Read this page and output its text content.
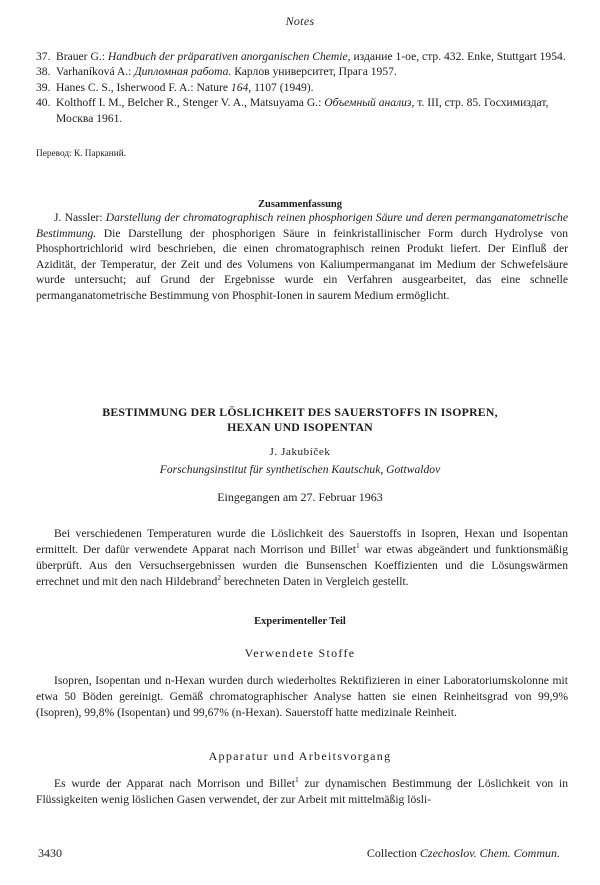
Notes
37. Brauer G.: Handbuch der präparativen anorganischen Chemie, издание 1-ое, стр. 432. Enke, Stuttgart 1954.
38. Varhaníková A.: Дипломная работа. Карлов университет, Прага 1957.
39. Hanes C. S., Isherwood F. A.: Nature 164, 1107 (1949).
40. Kolthoff I. M., Belcher R., Stenger V. A., Matsuyama G.: Объемный анализ, т. III, стр. 85. Госхимиздат, Москва 1961.
Перевод: К. Парканий.
Zusammenfassung
J. Nassler: Darstellung der chromatographisch reinen phosphorigen Säure und deren permanganatometrische Bestimmung. Die Darstellung der phosphorigen Säure in feinkristallinischer Form durch Hydrolyse von Phosphortrichlorid wird beschrieben, die einen chromatographisch reinen Produkt liefert. Der Einfluß der Azidität, der Temperatur, der Zeit und des Volumens von Kaliumpermanganat im Medium der Schwefelsäure wurde untersucht; auf Grund der Ergebnisse wurde ein Verfahren ausgearbeitet, das eine schnelle permanganatometrische Bestimmung von Phosphit-Ionen in saurem Medium ermöglicht.
BESTIMMUNG DER LÖSLICHKEIT DES SAUERSTOFFS IN ISOPREN,
HEXAN UND ISOPENTAN
J. Jakubíček
Forschungsinstitut für synthetischen Kautschuk, Gottwaldov
Eingegangen am 27. Februar 1963
Bei verschiedenen Temperaturen wurde die Löslichkeit des Sauerstoffs in Isopren, Hexan und Isopentan ermittelt. Der dafür verwendete Apparat nach Morrison und Billet$^1$ war etwas abgeändert und funktionsmäßig überprüft. Aus den Versuchsergebnissen wurden die Bunsenschen Koeffizienten und die Lösungswärmen errechnet und mit den nach Hildebrand$^2$ berechneten Daten in Vergleich gestellt.
Experimenteller Teil
Verwendete Stoffe
Isopren, Isopentan und n-Hexan wurden durch wiederholtes Rektifizieren in einer Laboratoriumskolonne mit etwa 50 Böden gereinigt. Gemäß chromatographischer Analyse hatten sie einen Reinheitsgrad von 99,9% (Isopren), 99,8% (Isopentan) und 99,67% (n-Hexan). Sauerstoff hatte medizinale Reinheit.
Apparatur und Arbeitsvorgang
Es wurde der Apparat nach Morrison und Billet$^1$ zur dynamischen Bestimmung der Löslichkeit von in Flüssigkeiten wenig löslichen Gasen verwendet, der zur Arbeit mit mittelmäßig lösli-
3430	Collection Czechoslov. Chem. Commun.
